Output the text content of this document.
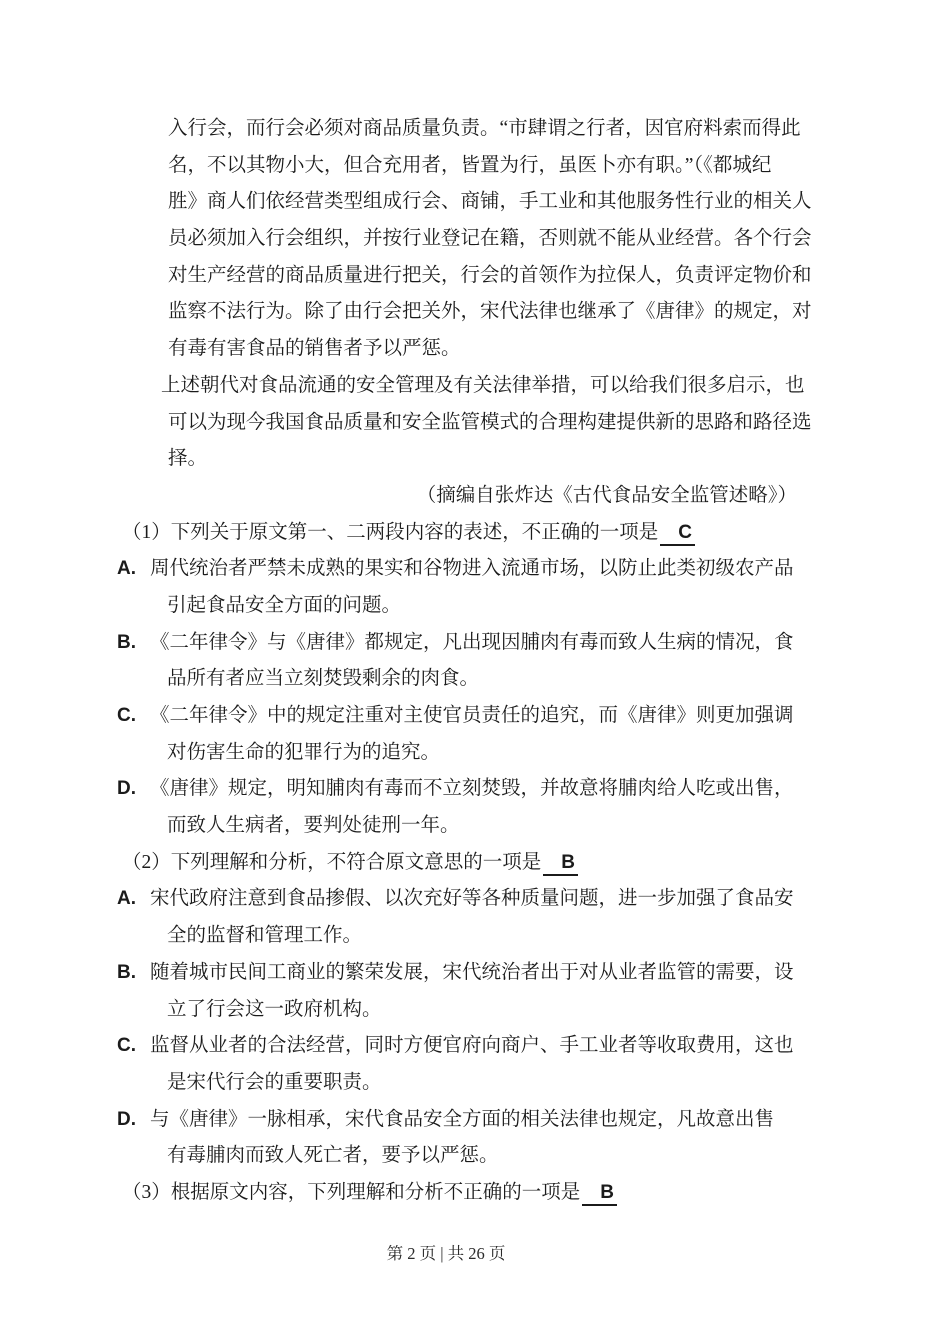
入行会，而行会必须对商品质量负责。“市肆谓之行者，因官府料索而得此
名，不以其物小大，但合充用者，皆置为行，虽医卜亦有职。”（《都城纪
胜》商人们依经营类型组成行会、商铺，手工业和其他服务性行业的相关人
员必须加入行会组织，并按行业登记在籍，否则就不能从业经营。各个行会
对生产经营的商品质量进行把关，行会的首领作为拉保人，负责评定物价和
监察不法行为。除了由行会把关外，宋代法律也继承了《唐律》的规定，对
有毒有害食品的销售者予以严惩。
上述朝代对食品流通的安全管理及有关法律举措，可以给我们很多启示，也
可以为现今我国食品质量和安全监管模式的合理构建提供新的思路和路径选
择。
（摘编自张炸达《古代食品安全监管述略》）
（1）下列关于原文第一、二两段内容的表述，不正确的一项是 C
A. 周代统治者严禁未成熟的果实和谷物进入流通市场，以防止此类初级农产品
引起食品安全方面的问题。
B. 《二年律令》与《唐律》都规定，凡出现因脯肉有毒而致人生病的情况，食
品所有者应当立刻焚毁剩余的肉食。
C. 《二年律令》中的规定注重对主使官员责任的追究，而《唐律》则更加强调
对伤害生命的犯罪行为的追究。
D. 《唐律》规定，明知脯肉有毒而不立刻焚毁，并故意将脯肉给人吃或出售，
而致人生病者，要判处徒刑一年。
（2）下列理解和分析，不符合原文意思的一项是 B
A. 宋代政府注意到食品掺假、以次充好等各种质量问题，进一步加强了食品安
全的监督和管理工作。
B. 随着城市民间工商业的繁荣发展，宋代统治者出于对从业者监管的需要，设
立了行会这一政府机构。
C. 监督从业者的合法经营，同时方便官府向商户、手工业者等收取费用，这也
是宋代行会的重要职责。
D. 与《唐律》一脉相承，宋代食品安全方面的相关法律也规定，凡故意出售
有毒脯肉而致人死亡者，要予以严惩。
（3）根据原文内容，下列理解和分析不正确的一项是 B
第 2 页 | 共 26 页
